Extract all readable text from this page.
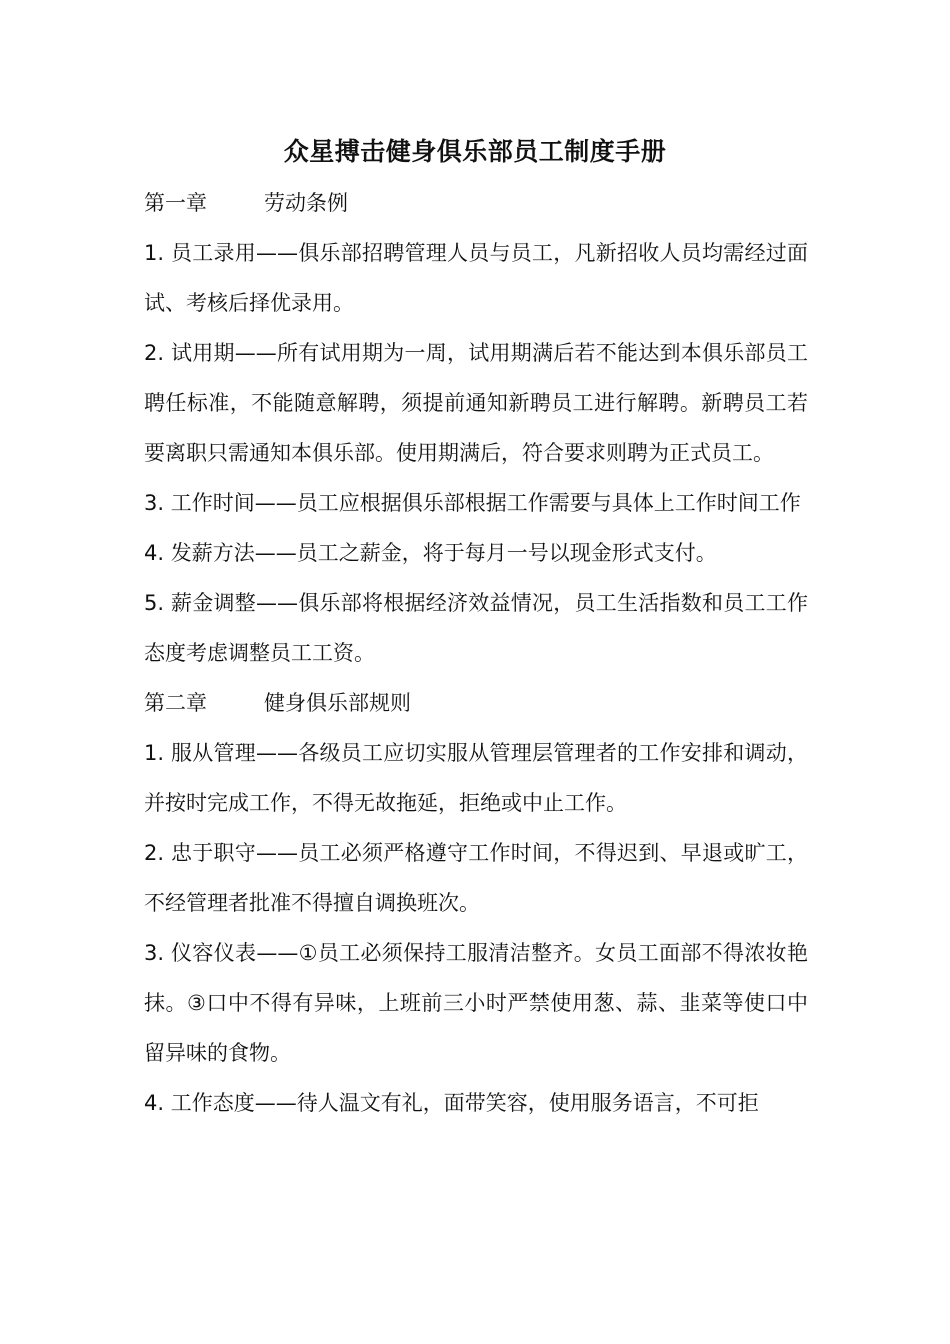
众星搏击健身俱乐部员工制度手册
第一章	劳动条例

1. 员工录用——俱乐部招聘管理人员与员工，凡新招收人员均需经过面试、考核后择优录用。

2. 试用期——所有试用期为一周，试用期满后若不能达到本俱乐部员工聘任标准，不能随意解聘，须提前通知新聘员工进行解聘。新聘员工若要离职只需通知本俱乐部。使用期满后，符合要求则聘为正式员工。

3. 工作时间——员工应根据俱乐部根据工作需要与具体上工作时间工作

4. 发薪方法——员工之薪金，将于每月一号以现金形式支付。

5. 薪金调整——俱乐部将根据经济效益情况，员工生活指数和员工工作态度考虑调整员工工资。

第二章	健身俱乐部规则

1. 服从管理——各级员工应切实服从管理层管理者的工作安排和调动，并按时完成工作，不得无故拖延，拒绝或中止工作。

2. 忠于职守——员工必须严格遵守工作时间，不得迟到、早退或旷工，不经管理者批准不得擅自调换班次。

3. 仪容仪表——①员工必须保持工服清洁整齐。女员工面部不得浓妆艳抹。③口中不得有异味，上班前三小时严禁使用葱、蒜、韭菜等使口中留异味的食物。

4. 工作态度——待人温文有礼，面带笑容，使用服务语言，不可拒
